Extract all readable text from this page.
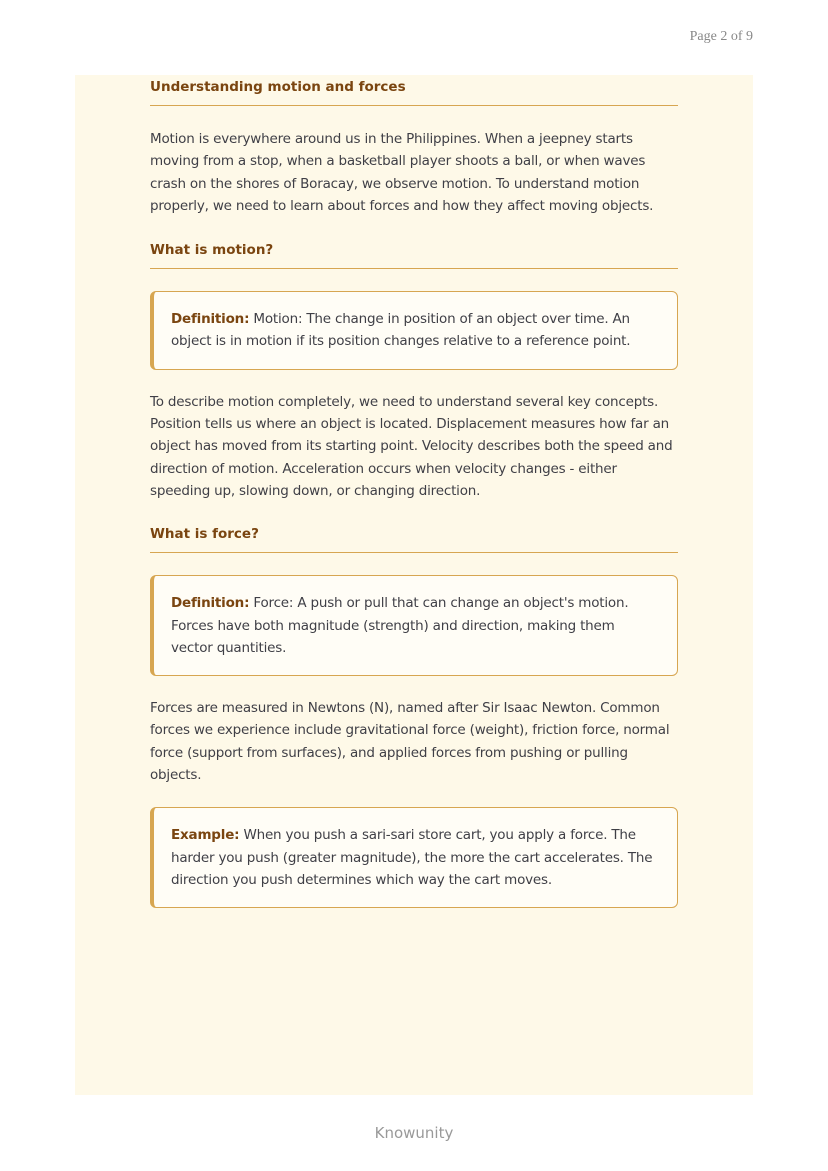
Page 2 of 9
Understanding motion and forces

Motion is everywhere around us in the Philippines. When a jeepney starts moving from a stop, when a basketball player shoots a ball, or when waves crash on the shores of Boracay, we observe motion. To understand motion properly, we need to learn about forces and how they affect moving objects.

What is motion?
Definition: Motion: The change in position of an object over time. An object is in motion if its position changes relative to a reference point.

To describe motion completely, we need to understand several key concepts. Position tells us where an object is located. Displacement measures how far an object has moved from its starting point. Velocity describes both the speed and direction of motion. Acceleration occurs when velocity changes - either speeding up, slowing down, or changing direction.

What is force?
Definition: Force: A push or pull that can change an object's motion. Forces have both magnitude (strength) and direction, making them vector quantities.

Forces are measured in Newtons (N), named after Sir Isaac Newton. Common forces we experience include gravitational force (weight), friction force, normal force (support from surfaces), and applied forces from pushing or pulling objects.

Example: When you push a sari-sari store cart, you apply a force. The harder you push (greater magnitude), the more the cart accelerates. The direction you push determines which way the cart moves.
Knowunity
